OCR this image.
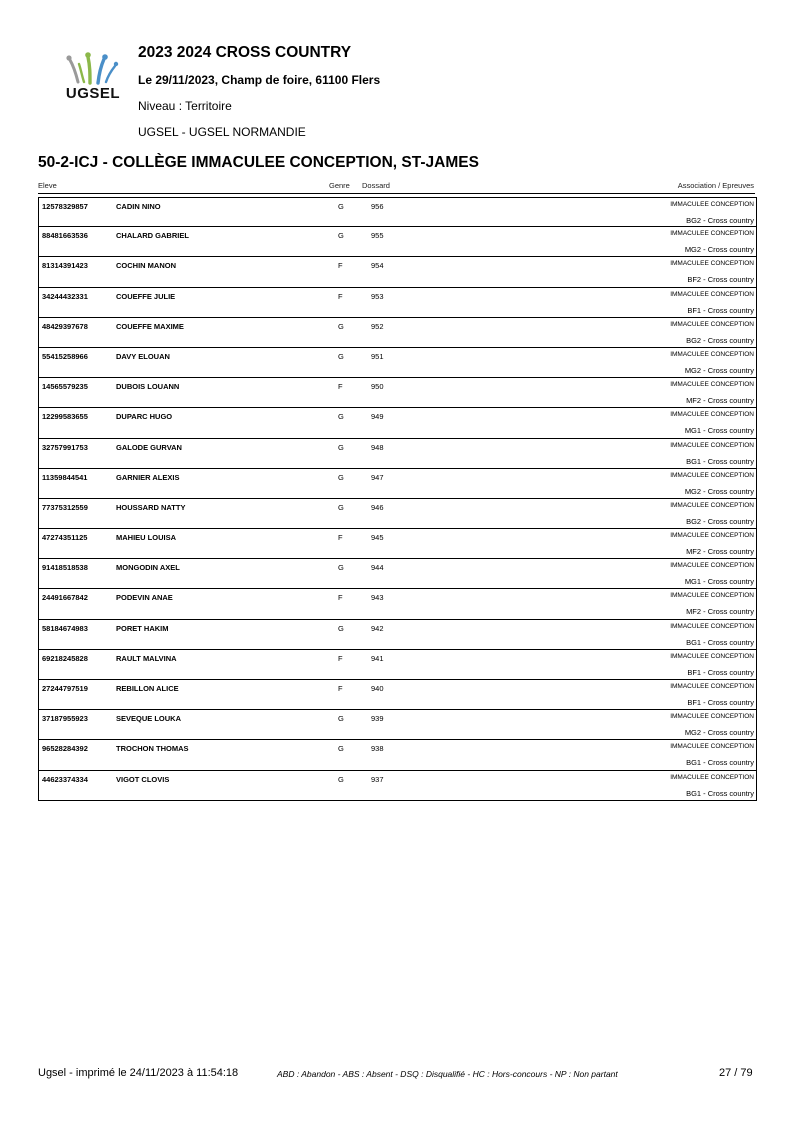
UGSEL
2023 2024 CROSS COUNTRY
Le 29/11/2023, Champ de foire, 61100 Flers
Niveau : Territoire
UGSEL - UGSEL NORMANDIE
50-2-ICJ - COLLÈGE IMMACULEE CONCEPTION, ST-JAMES
Eleve	Genre Dossard	Association / Epreuves
12578329857	CADIN NINO	G	956	IMMACULEE CONCEPTION
BG2 - Cross country
88481663536	CHALARD GABRIEL	G	955	IMMACULEE CONCEPTION
MG2 - Cross country
81314391423	COCHIN MANON	F	954	IMMACULEE CONCEPTION
BF2 - Cross country
34244432331	COUEFFE JULIE	F	953	IMMACULEE CONCEPTION
BF1 - Cross country
48429397678	COUEFFE MAXIME	G	952	IMMACULEE CONCEPTION
BG2 - Cross country
55415258966	DAVY ELOUAN	G	951	IMMACULEE CONCEPTION
MG2 - Cross country
14565579235	DUBOIS LOUANN	F	950	IMMACULEE CONCEPTION
MF2 - Cross country
12299583655	DUPARC HUGO	G	949	IMMACULEE CONCEPTION
MG1 - Cross country
32757991753	GALODE GURVAN	G	948	IMMACULEE CONCEPTION
BG1 - Cross country
11359844541	GARNIER ALEXIS	G	947	IMMACULEE CONCEPTION
MG2 - Cross country
77375312559	HOUSSARD NATTY	G	946	IMMACULEE CONCEPTION
BG2 - Cross country
47274351125	MAHIEU LOUISA	F	945	IMMACULEE CONCEPTION
MF2 - Cross country
91418518538	MONGODIN AXEL	G	944	IMMACULEE CONCEPTION
MG1 - Cross country
24491667842	PODEVIN ANAE	F	943	IMMACULEE CONCEPTION
MF2 - Cross country
58184674983	PORET HAKIM	G	942	IMMACULEE CONCEPTION
BG1 - Cross country
69218245828	RAULT MALVINA	F	941	IMMACULEE CONCEPTION
BF1 - Cross country
27244797519	REBILLON ALICE	F	940	IMMACULEE CONCEPTION
BF1 - Cross country
37187955923	SEVEQUE LOUKA	G	939	IMMACULEE CONCEPTION
MG2 - Cross country
96528284392	TROCHON THOMAS	G	938	IMMACULEE CONCEPTION
BG1 - Cross country
44623374334	VIGOT CLOVIS	G	937	IMMACULEE CONCEPTION
BG1 - Cross country
Ugsel - imprimé le 24/11/2023 à 11:54:18	ABD : Abandon - ABS : Absent - DSQ : Disqualifié - HC : Hors-concours - NP : Non partant	27 / 79
